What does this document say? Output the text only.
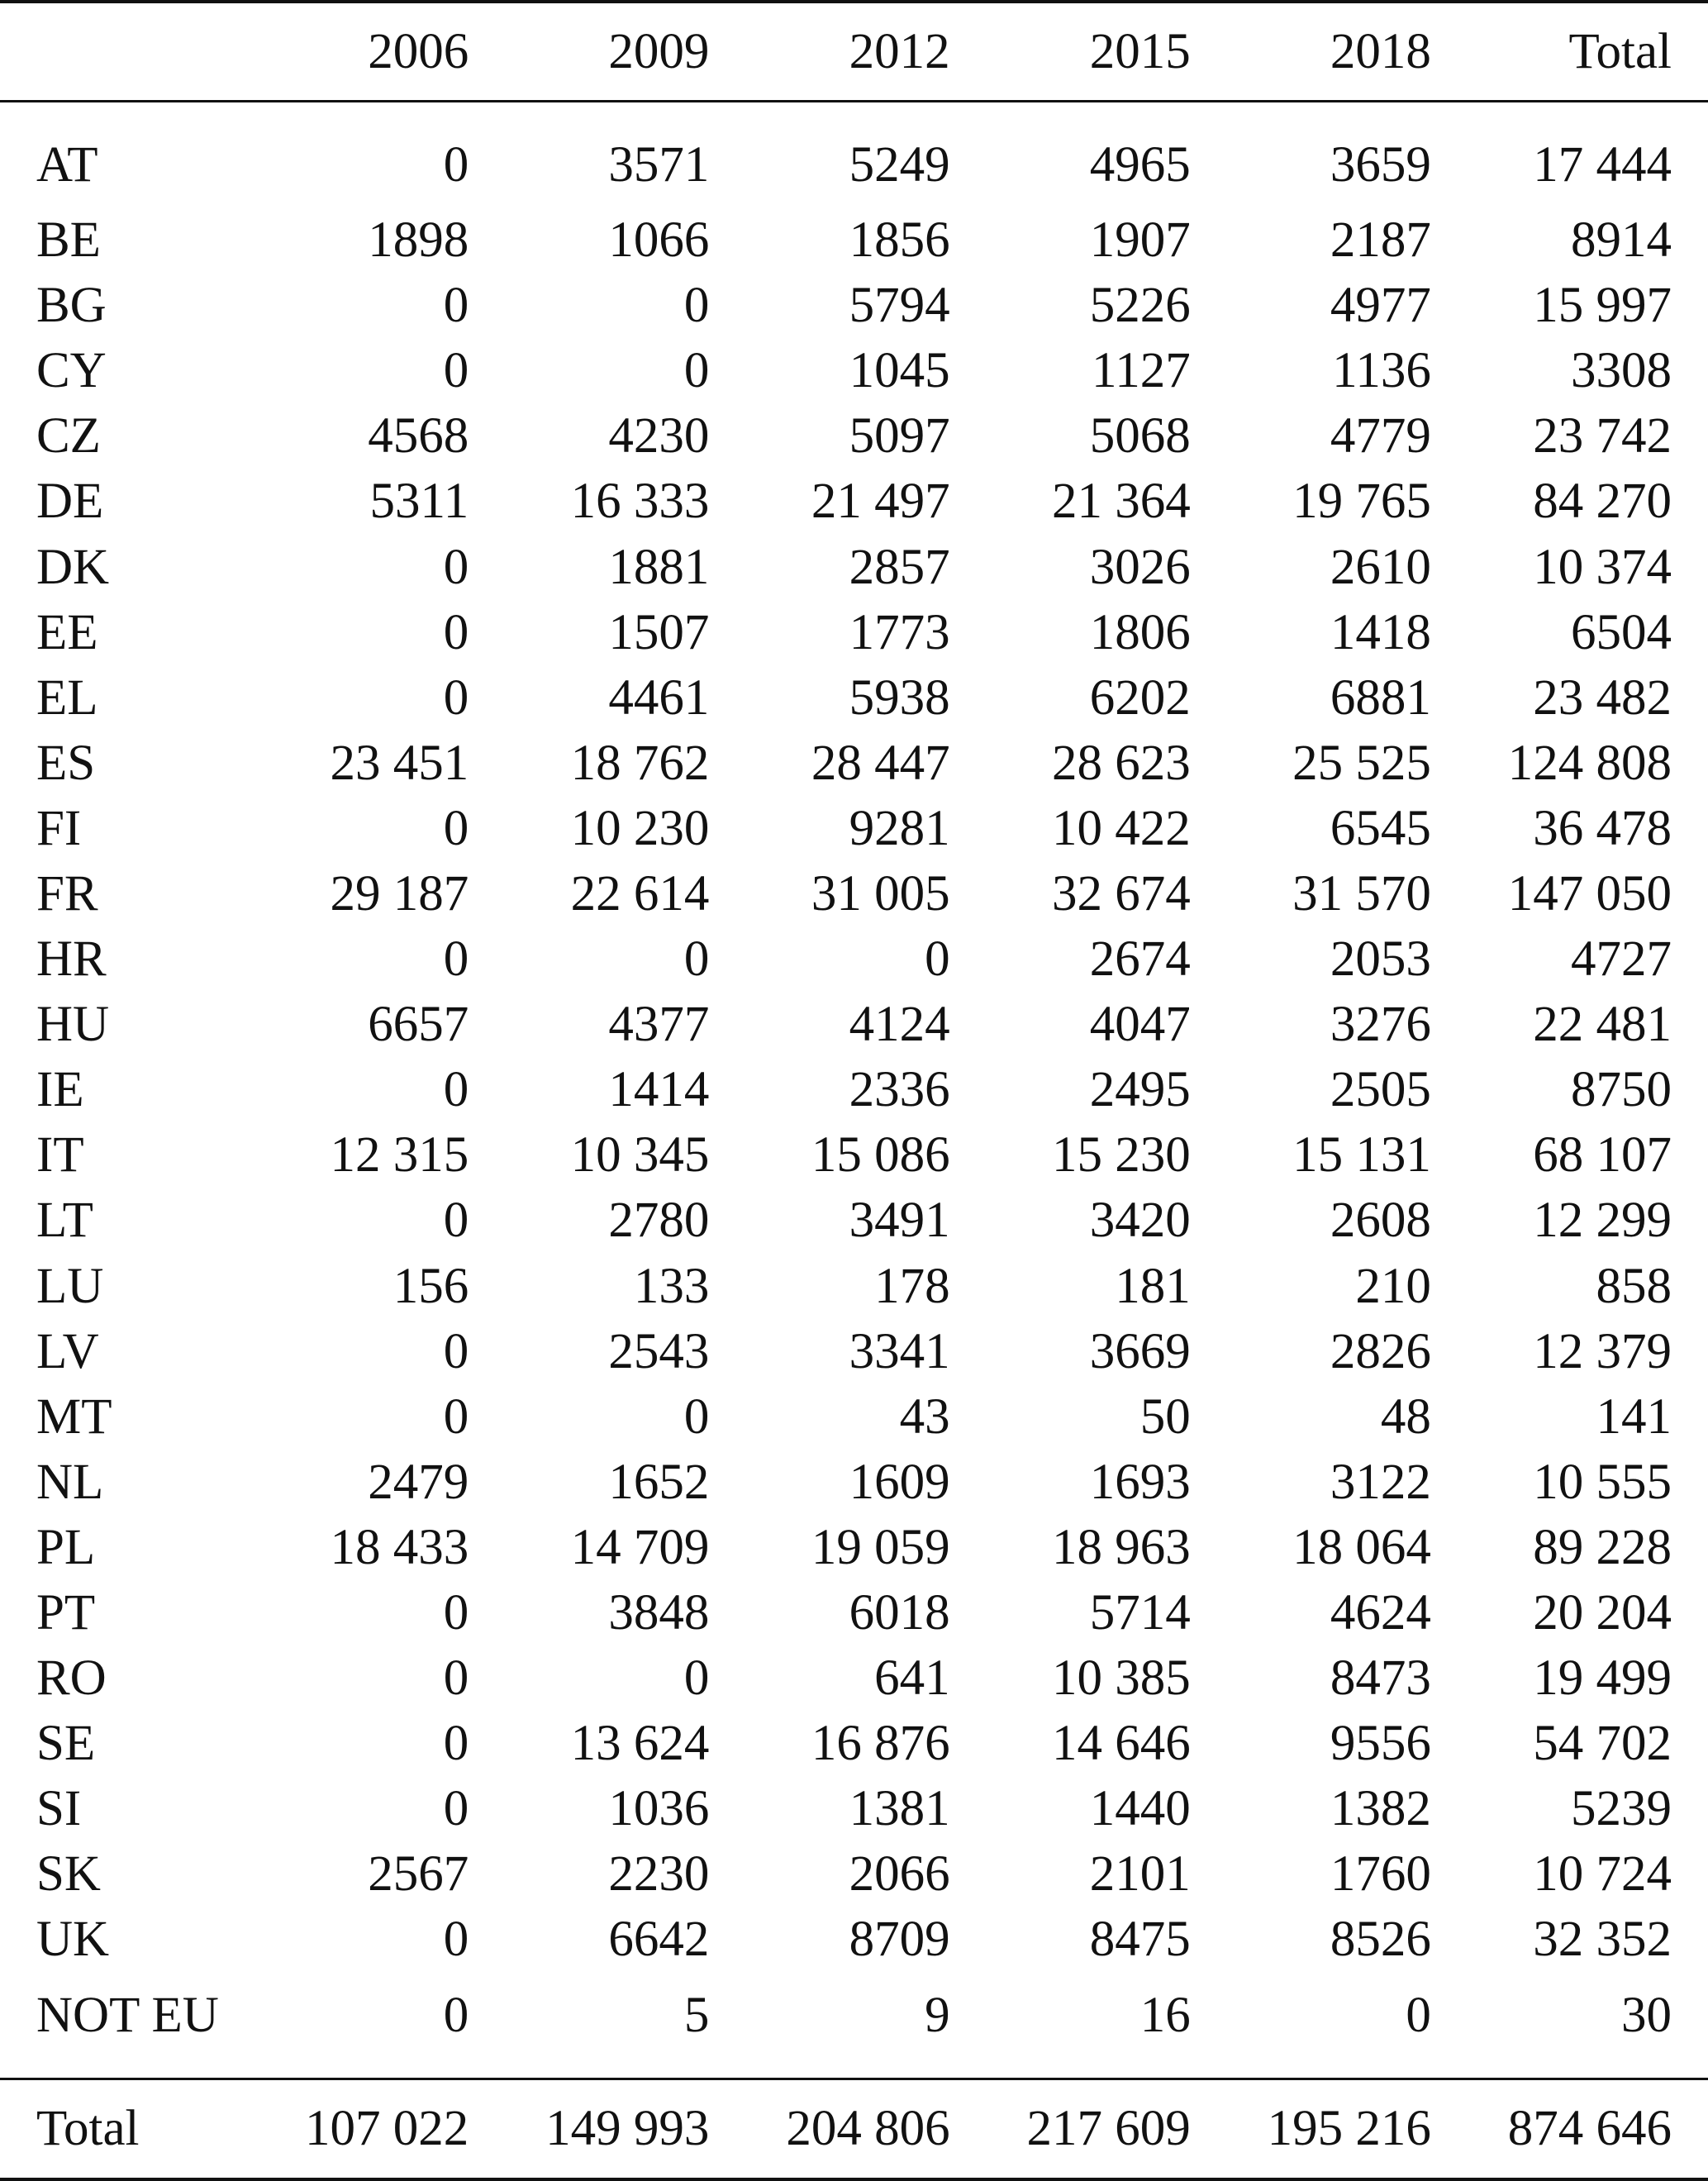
	2006	2009	2012	2015	2018	Total
AT	0	3571	5249	4965	3659	17 444
BE	1898	1066	1856	1907	2187	8914
BG	0	0	5794	5226	4977	15 997
CY	0	0	1045	1127	1136	3308
CZ	4568	4230	5097	5068	4779	23 742
DE	5311	16 333	21 497	21 364	19 765	84 270
DK	0	1881	2857	3026	2610	10 374
EE	0	1507	1773	1806	1418	6504
EL	0	4461	5938	6202	6881	23 482
ES	23 451	18 762	28 447	28 623	25 525	124 808
FI	0	10 230	9281	10 422	6545	36 478
FR	29 187	22 614	31 005	32 674	31 570	147 050
HR	0	0	0	2674	2053	4727
HU	6657	4377	4124	4047	3276	22 481
IE	0	1414	2336	2495	2505	8750
IT	12 315	10 345	15 086	15 230	15 131	68 107
LT	0	2780	3491	3420	2608	12 299
LU	156	133	178	181	210	858
LV	0	2543	3341	3669	2826	12 379
MT	0	0	43	50	48	141
NL	2479	1652	1609	1693	3122	10 555
PL	18 433	14 709	19 059	18 963	18 064	89 228
PT	0	3848	6018	5714	4624	20 204
RO	0	0	641	10 385	8473	19 499
SE	0	13 624	16 876	14 646	9556	54 702
SI	0	1036	1381	1440	1382	5239
SK	2567	2230	2066	2101	1760	10 724
UK	0	6642	8709	8475	8526	32 352
NOT EU	0	5	9	16	0	30
Total	107 022	149 993	204 806	217 609	195 216	874 646
